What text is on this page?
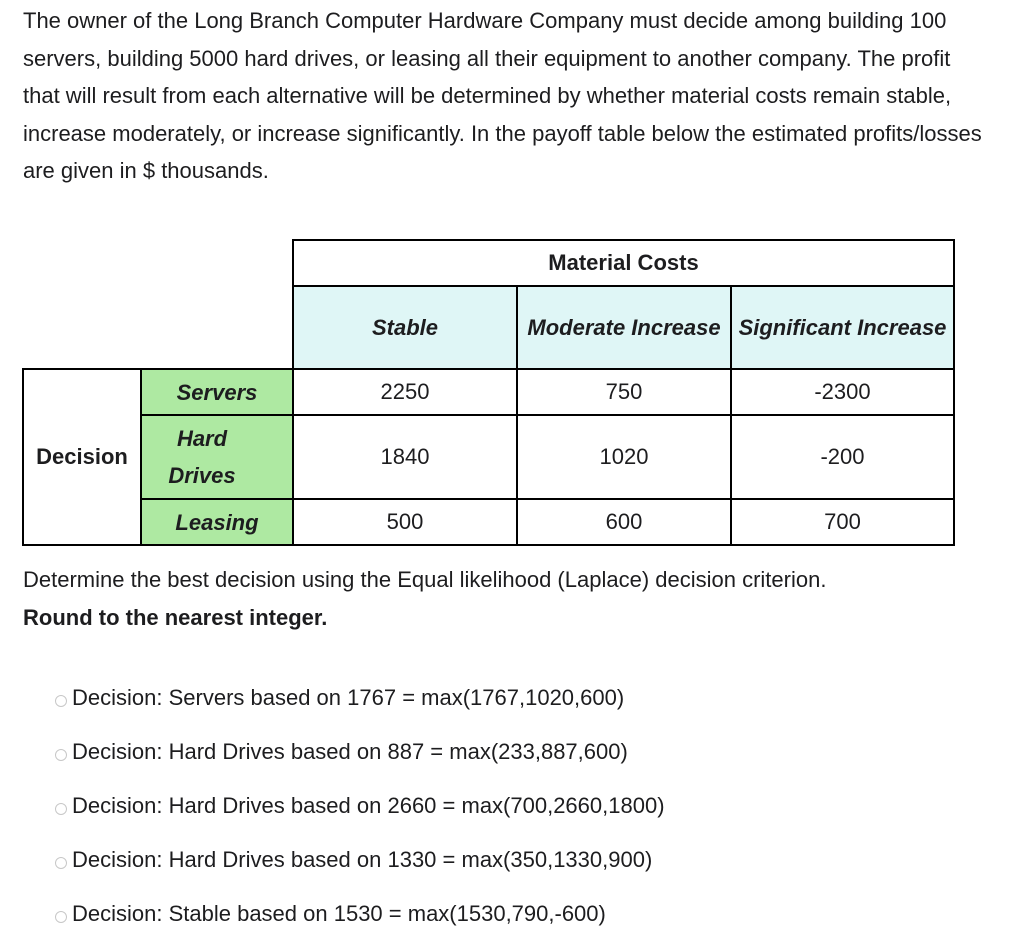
The owner of the Long Branch Computer Hardware Company must decide among building 100 servers, building 5000 hard drives, or leasing all their equipment to another company. The profit that will result from each alternative will be determined by whether material costs remain stable, increase moderately, or increase significantly. In the payoff table below the estimated profits/losses are given in $ thousands.

		Material Costs		
		Stable	Moderate Increase	Significant Increase
Decision	Servers	2250	750	-2300
	Hard Drives	1840	1020	-200
	Leasing	500	600	700

Determine the best decision using the Equal likelihood (Laplace) decision criterion.
Round to the nearest integer.

Decision: Servers based on 1767 = max(1767,1020,600)
Decision: Hard Drives based on 887 = max(233,887,600)
Decision: Hard Drives based on 2660 = max(700,2660,1800)
Decision: Hard Drives based on 1330 = max(350,1330,900)
Decision: Stable based on 1530 = max(1530,790,-600)
